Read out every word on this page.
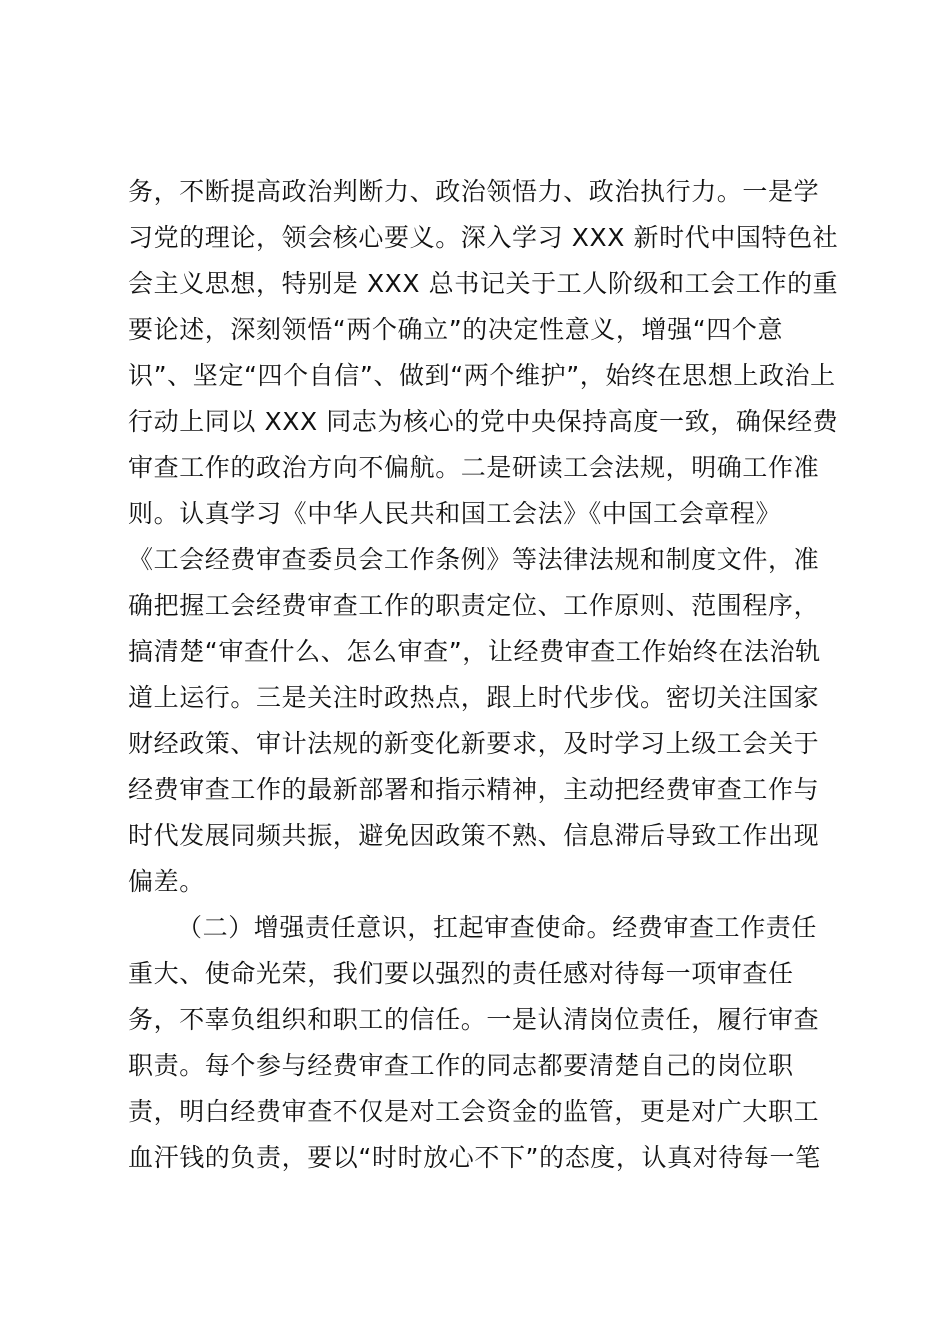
务，不断提高政治判断力、政治领悟力、政治执行力。一是学
习党的理论，领会核心要义。深入学习 XXX 新时代中国特色社
会主义思想，特别是 XXX 总书记关于工人阶级和工会工作的重
要论述，深刻领悟“两个确立”的决定性意义，增强“四个意
识”、坚定“四个自信”、做到“两个维护”，始终在思想上政治上
行动上同以 XXX 同志为核心的党中央保持高度一致，确保经费
审查工作的政治方向不偏航。二是研读工会法规，明确工作准
则。认真学习《中华人民共和国工会法》《中国工会章程》
《工会经费审查委员会工作条例》等法律法规和制度文件，准
确把握工会经费审查工作的职责定位、工作原则、范围程序，
搞清楚“审查什么、怎么审查”，让经费审查工作始终在法治轨
道上运行。三是关注时政热点，跟上时代步伐。密切关注国家
财经政策、审计法规的新变化新要求，及时学习上级工会关于
经费审查工作的最新部署和指示精神，主动把经费审查工作与
时代发展同频共振，避免因政策不熟、信息滞后导致工作出现
偏差。
（二）增强责任意识，扛起审查使命。经费审查工作责任
重大、使命光荣，我们要以强烈的责任感对待每一项审查任
务，不辜负组织和职工的信任。一是认清岗位责任，履行审查
职责。每个参与经费审查工作的同志都要清楚自己的岗位职
责，明白经费审查不仅是对工会资金的监管，更是对广大职工
血汗钱的负责，要以“时时放心不下”的态度，认真对待每一笔
